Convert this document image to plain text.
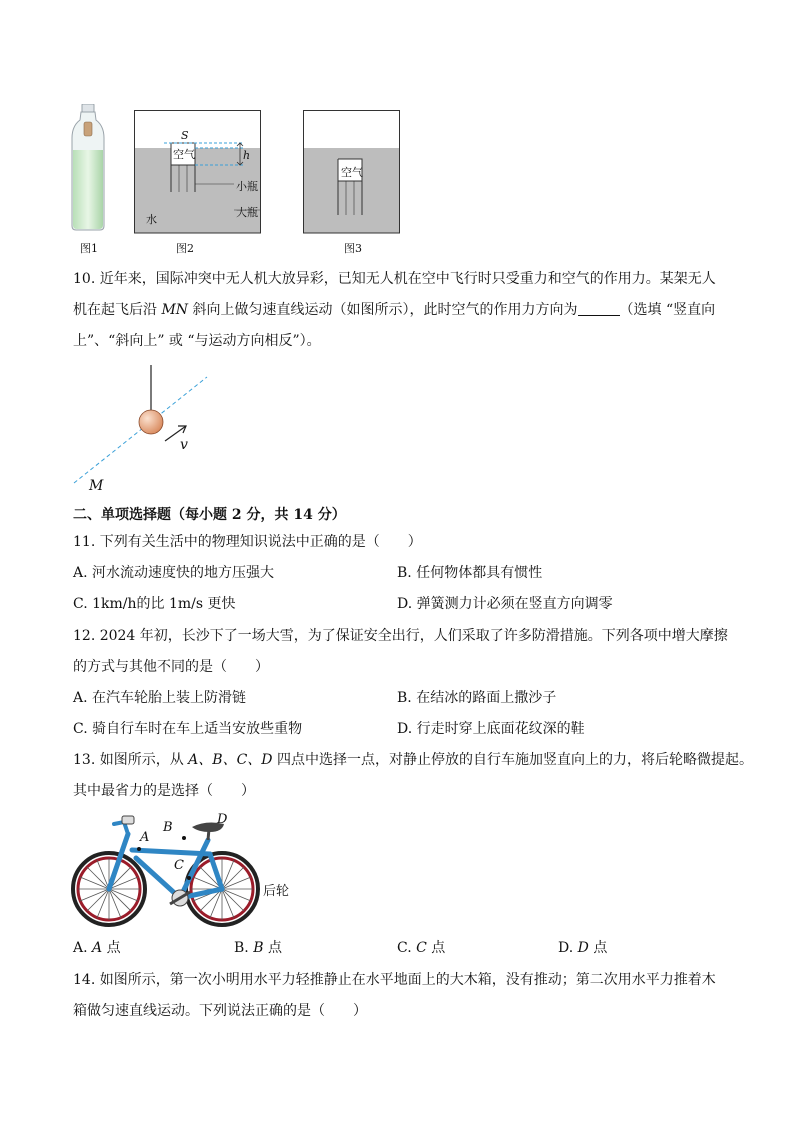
图1
S
空气	h
小瓶
大瓶
水
图2
空气
图3
10. 近年来，国际冲突中无人机大放异彩，已知无人机在空中飞行时只受重力和空气的作用力。某架无人
机在起飞后沿 MN 斜向上做匀速直线运动（如图所示），此时空气的作用力方向为	（选填 “竖直向
上”、“斜向上” 或 “与运动方向相反”）。
v
M
二、单项选择题（每小题 2 分，共 14 分）
11. 下列有关生活中的物理知识说法中正确的是（　　）
A. 河水流动速度快的地方压强大	B. 任何物体都具有惯性
C. 1km/h的比 1m/s 更快	D. 弹簧测力计必须在竖直方向调零
12. 2024 年初，长沙下了一场大雪，为了保证安全出行，人们采取了许多防滑措施。下列各项中增大摩擦
的方式与其他不同的是（　　）
A. 在汽车轮胎上装上防滑链	B. 在结冰的路面上撒沙子
C. 骑自行车时在车上适当安放些重物	D. 行走时穿上底面花纹深的鞋
13. 如图所示，从 A、B、C、D 四点中选择一点，对静止停放的自行车施加竖直向上的力，将后轮略微提起。
其中最省力的是选择（　　）
A
B
C
D
后轮
A. A 点	B. B 点	C. C 点	D. D 点
14. 如图所示，第一次小明用水平力轻推静止在水平地面上的大木箱，没有推动；第二次用水平力推着木
箱做匀速直线运动。下列说法正确的是（　　）
